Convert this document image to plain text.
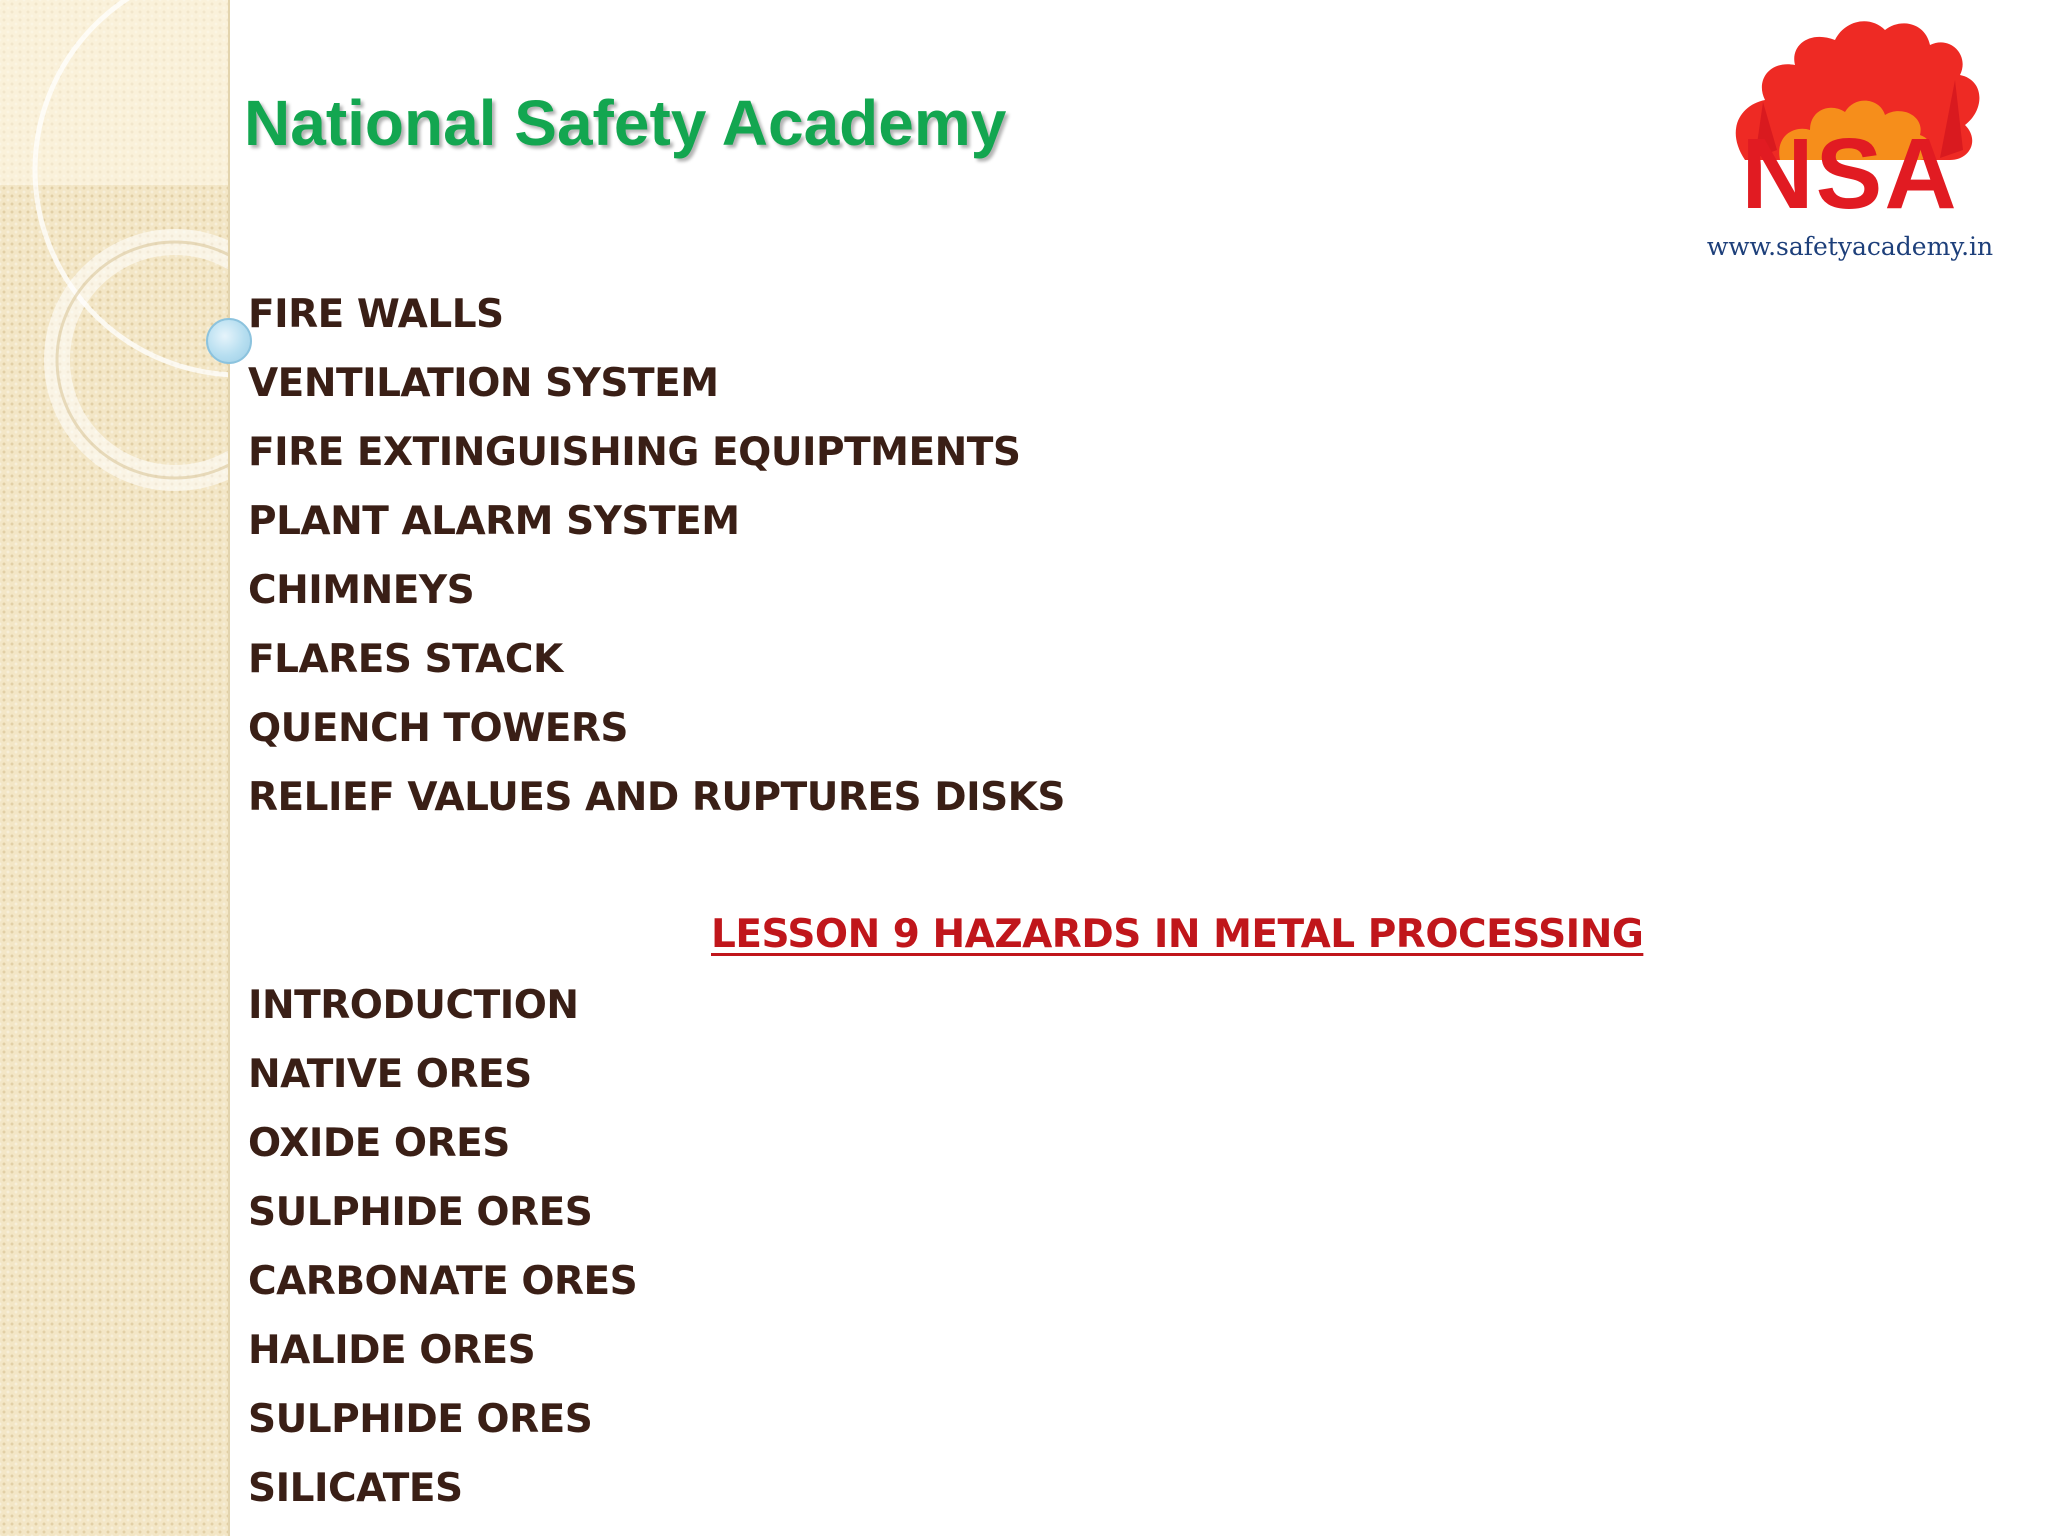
National Safety Academy	NSA
www.safetyacademy.in
FIRE WALLS
VENTILATION SYSTEM
FIRE EXTINGUISHING EQUIPTMENTS
PLANT ALARM SYSTEM
CHIMNEYS
FLARES STACK
QUENCH TOWERS
RELIEF VALUES AND RUPTURES DISKS
LESSON 9 HAZARDS IN METAL PROCESSING
INTRODUCTION
NATIVE ORES
OXIDE ORES
SULPHIDE ORES
CARBONATE ORES
HALIDE ORES
SULPHIDE ORES
SILICATES
